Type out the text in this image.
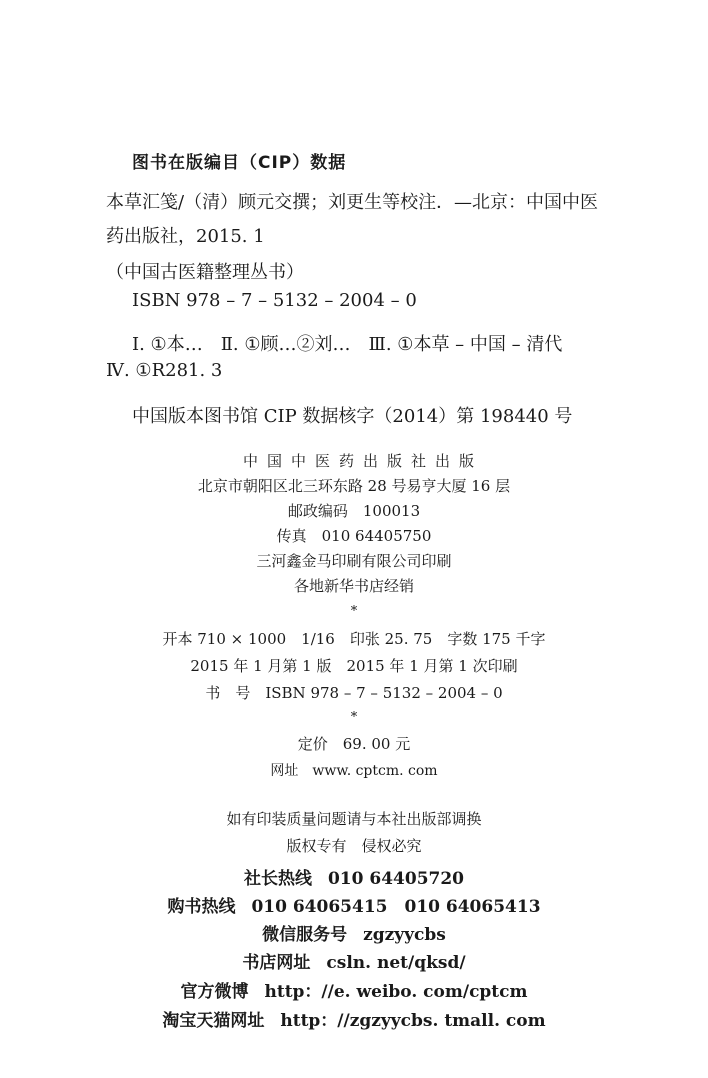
图书在版编目（CIP）数据
本草汇笺/（清）顾元交撰；刘更生等校注．—北京：中国中医
药出版社，2015. 1
（中国古医籍整理丛书）
ISBN 978 – 7 – 5132 – 2004 – 0
Ⅰ. ①本…　Ⅱ. ①顾…②刘…　Ⅲ. ①本草 – 中国 – 清代
Ⅳ. ①R281. 3
中国版本图书馆 CIP 数据核字（2014）第 198440 号
中国中医药出版社出版
北京市朝阳区北三环东路 28 号易亨大厦 16 层
邮政编码　100013
传真　010 64405750
三河鑫金马印刷有限公司印刷
各地新华书店经销
*
开本 710 × 1000　1/16　印张 25. 75　字数 175 千字
2015 年 1 月第 1 版　2015 年 1 月第 1 次印刷
书　号　ISBN 978 – 7 – 5132 – 2004 – 0
*
定价　69. 00 元
网址　www. cptcm. com
如有印装质量问题请与本社出版部调换
版权专有　侵权必究
社长热线 010 64405720
购书热线 010 64065415　010 64065413
微信服务号 zgzyycbs
书店网址 csln. net/qksd/
官方微博 http：//e. weibo. com/cptcm
淘宝天猫网址 http：//zgzyycbs. tmall. com
